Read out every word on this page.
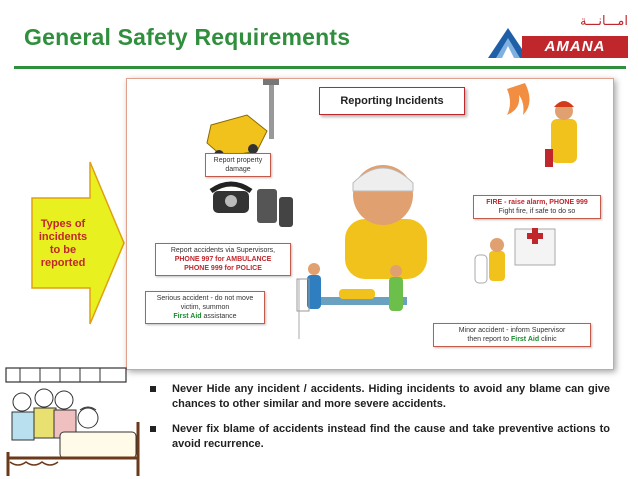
General Safety Requirements
امـــانـــة
AMANA
Types of incidents to be reported
Reporting Incidents
Report property damage
FIRE - raise alarm, PHONE 999
Fight fire, if safe to do so
Report accidents via Supervisors,
PHONE 997 for AMBULANCE
PHONE 999 for POLICE
Serious accident - do not move
victim, summon
First Aid assistance
Minor accident - inform Supervisor
then report to First Aid clinic
Never Hide any incident / accidents. Hiding incidents to avoid any blame can give chances to other similar and more severe accidents.
Never fix blame of accidents instead find the cause and take preventive actions to avoid recurrence.
